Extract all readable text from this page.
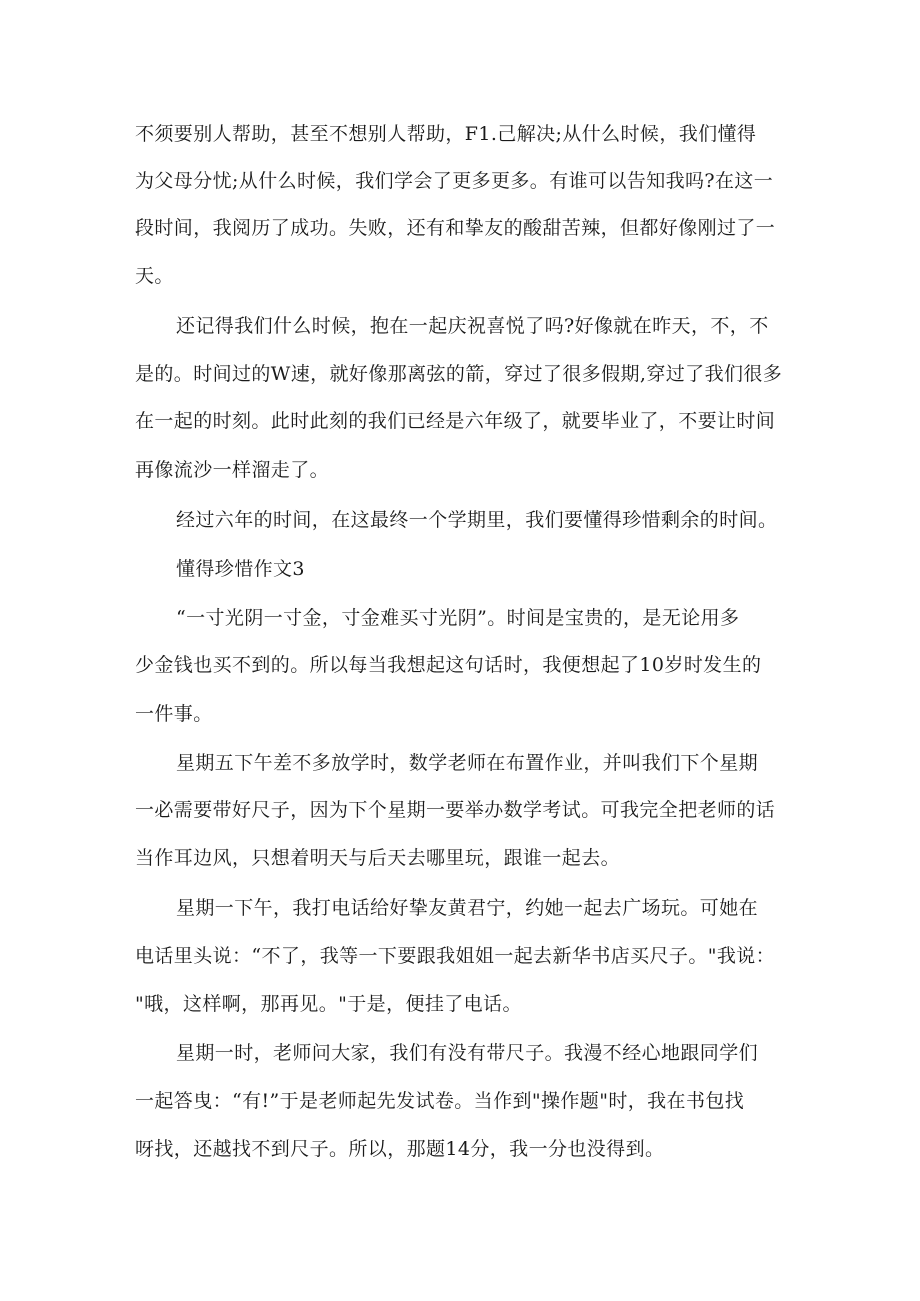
不须要别人帮助，甚至不想别人帮助，F1.己解决;从什么时候，我们懂得

为父母分忧;从什么时候，我们学会了更多更多。有谁可以告知我吗?在这一

段时间，我阅历了成功。失败，还有和挚友的酸甜苦辣，但都好像刚过了一

天。

还记得我们什么时候，抱在一起庆祝喜悦了吗?好像就在昨天，不，不

是的。时间过的W速，就好像那离弦的箭，穿过了很多假期,穿过了我们很多

在一起的时刻。此时此刻的我们已经是六年级了，就要毕业了，不要让时间

再像流沙一样溜走了。

经过六年的时间，在这最终一个学期里，我们要懂得珍惜剩余的时间。

懂得珍惜作文3

“一寸光阴一寸金，寸金难买寸光阴”。时间是宝贵的，是无论用多

少金钱也买不到的。所以每当我想起这句话时，我便想起了10岁时发生的

一件事。

星期五下午差不多放学时，数学老师在布置作业，并叫我们下个星期

一必需要带好尺子，因为下个星期一要举办数学考试。可我完全把老师的话

当作耳边风，只想着明天与后天去哪里玩，跟谁一起去。

星期一下午，我打电话给好挚友黄君宁，约她一起去广场玩。可她在

电话里头说：“不了，我等一下要跟我姐姐一起去新华书店买尺子。"我说：

"哦，这样啊，那再见。"于是，便挂了电话。

星期一时，老师问大家，我们有没有带尺子。我漫不经心地跟同学们

一起答曳：“有!”于是老师起先发试卷。当作到"操作题"时，我在书包找

呀找，还越找不到尺子。所以，那题14分，我一分也没得到。
